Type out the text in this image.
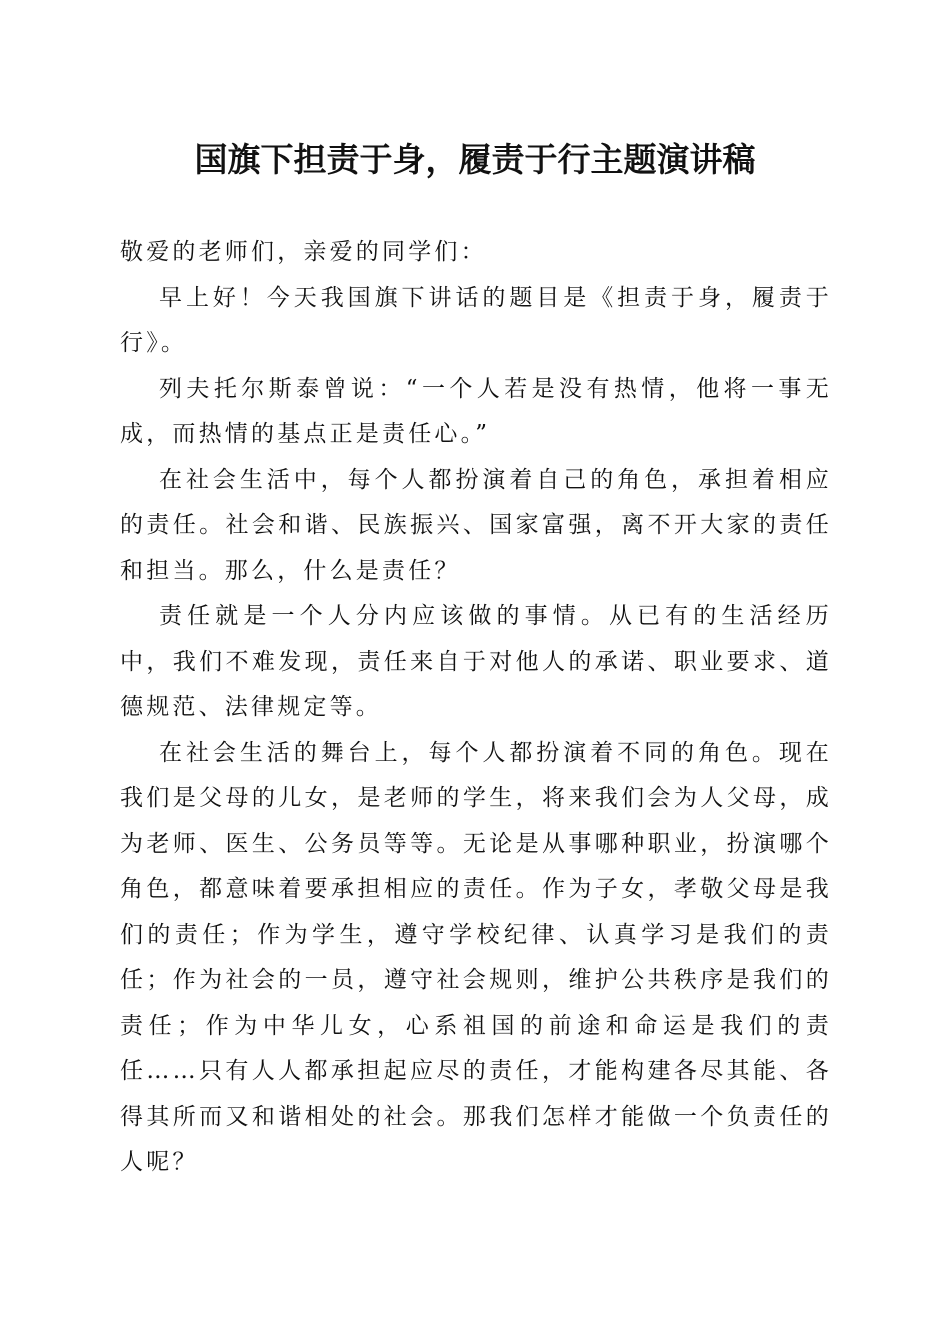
国旗下担责于身，履责于行主题演讲稿

敬爱的老师们，亲爱的同学们：

早上好！今天我国旗下讲话的题目是《担责于身，履责于行》。

列夫托尔斯泰曾说：“一个人若是没有热情，他将一事无成，而热情的基点正是责任心。”

在社会生活中，每个人都扮演着自己的角色，承担着相应的责任。社会和谐、民族振兴、国家富强，离不开大家的责任和担当。那么，什么是责任？

责任就是一个人分内应该做的事情。从已有的生活经历中，我们不难发现，责任来自于对他人的承诺、职业要求、道德规范、法律规定等。

在社会生活的舞台上，每个人都扮演着不同的角色。现在我们是父母的儿女，是老师的学生，将来我们会为人父母，成为老师、医生、公务员等等。无论是从事哪种职业，扮演哪个角色，都意味着要承担相应的责任。作为子女，孝敬父母是我们的责任；作为学生，遵守学校纪律、认真学习是我们的责任；作为社会的一员，遵守社会规则，维护公共秩序是我们的责任；作为中华儿女，心系祖国的前途和命运是我们的责任……只有人人都承担起应尽的责任，才能构建各尽其能、各得其所而又和谐相处的社会。那我们怎样才能做一个负责任的人呢？
